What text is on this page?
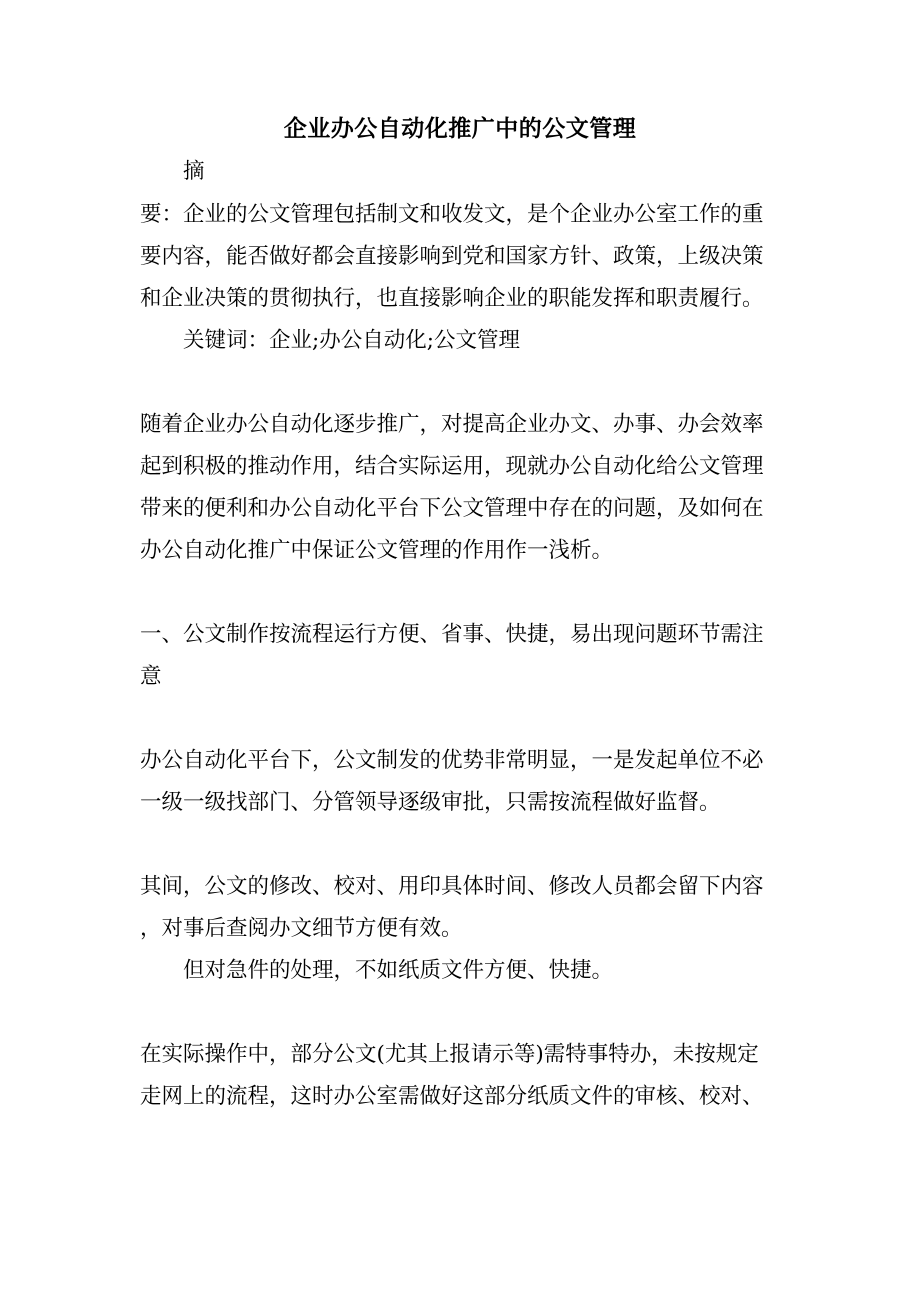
企业办公自动化推广中的公文管理
摘
要：企业的公文管理包括制文和收发文，是个企业办公室工作的重
要内容，能否做好都会直接影响到党和国家方针、政策，上级决策
和企业决策的贯彻执行，也直接影响企业的职能发挥和职责履行。
关键词：企业;办公自动化;公文管理
随着企业办公自动化逐步推广，对提高企业办文、办事、办会效率
起到积极的推动作用，结合实际运用，现就办公自动化给公文管理
带来的便利和办公自动化平台下公文管理中存在的问题，及如何在
办公自动化推广中保证公文管理的作用作一浅析。
一、公文制作按流程运行方便、省事、快捷，易出现问题环节需注
意
办公自动化平台下，公文制发的优势非常明显，一是发起单位不必
一级一级找部门、分管领导逐级审批，只需按流程做好监督。
其间，公文的修改、校对、用印具体时间、修改人员都会留下内容
，对事后查阅办文细节方便有效。
但对急件的处理，不如纸质文件方便、快捷。
在实际操作中，部分公文(尤其上报请示等)需特事特办，未按规定
走网上的流程，这时办公室需做好这部分纸质文件的审核、校对、
